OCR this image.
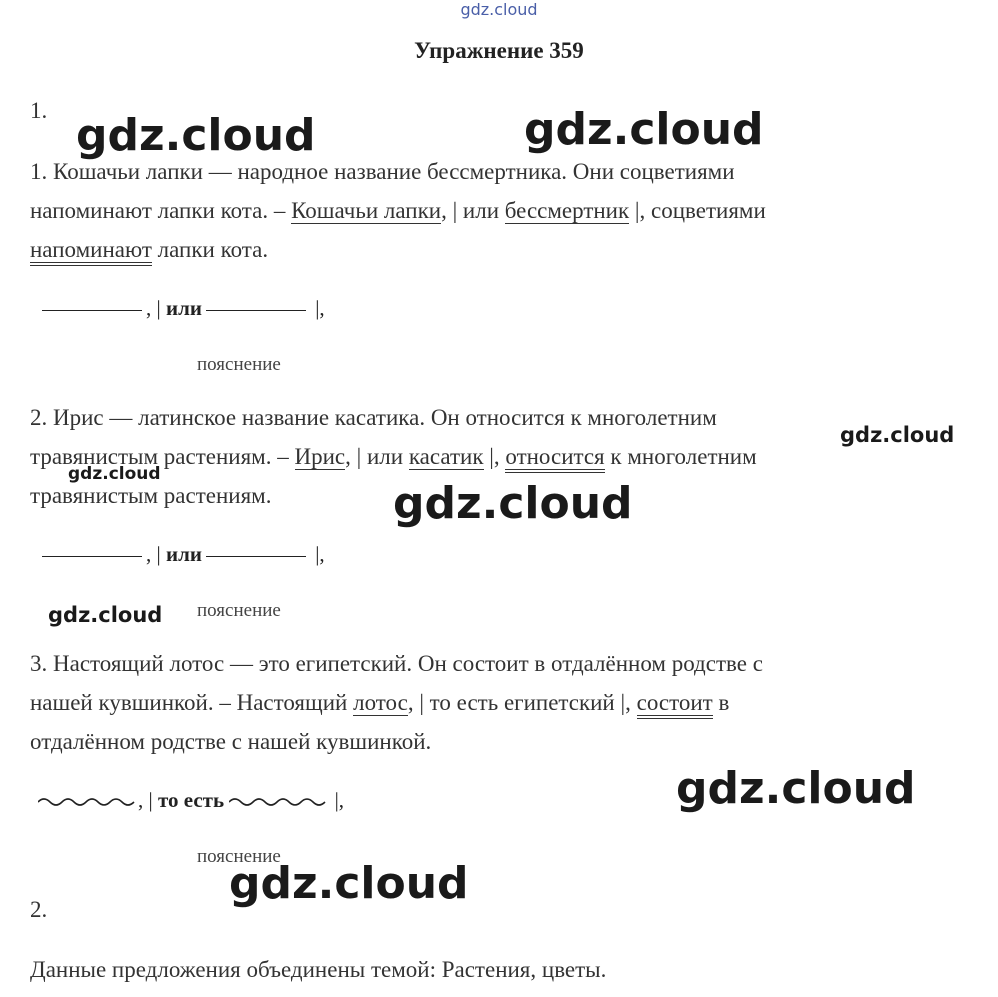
gdz.cloud
Упражнение 359
1.
1. Кошачьи лапки — народное название бессмертника. Они соцветиями
напоминают лапки кота. – Кошачьи лапки, | или бессмертник |, соцветиями
напоминают лапки кота.
, | или	|,
пояснение
2. Ирис — латинское название касатика. Он относится к многолетним
травянистым растениям. – Ирис, | или касатик |, относится к многолетним
травянистым растениям.
, | или	|,
пояснение
3. Настоящий лотос — это египетский. Он состоит в отдалённом родстве с
нашей кувшинкой. – Настоящий лотос, | то есть египетский |, состоит в
отдалённом родстве с нашей кувшинкой.
, | то есть	|,
пояснение
2.
Данные предложения объединены темой: Растения, цветы.
gdz.cloud	gdz.cloud
gdz.cloud
gdz.cloud
gdz.cloud
gdz.cloud
gdz.cloud
gdz.cloud
